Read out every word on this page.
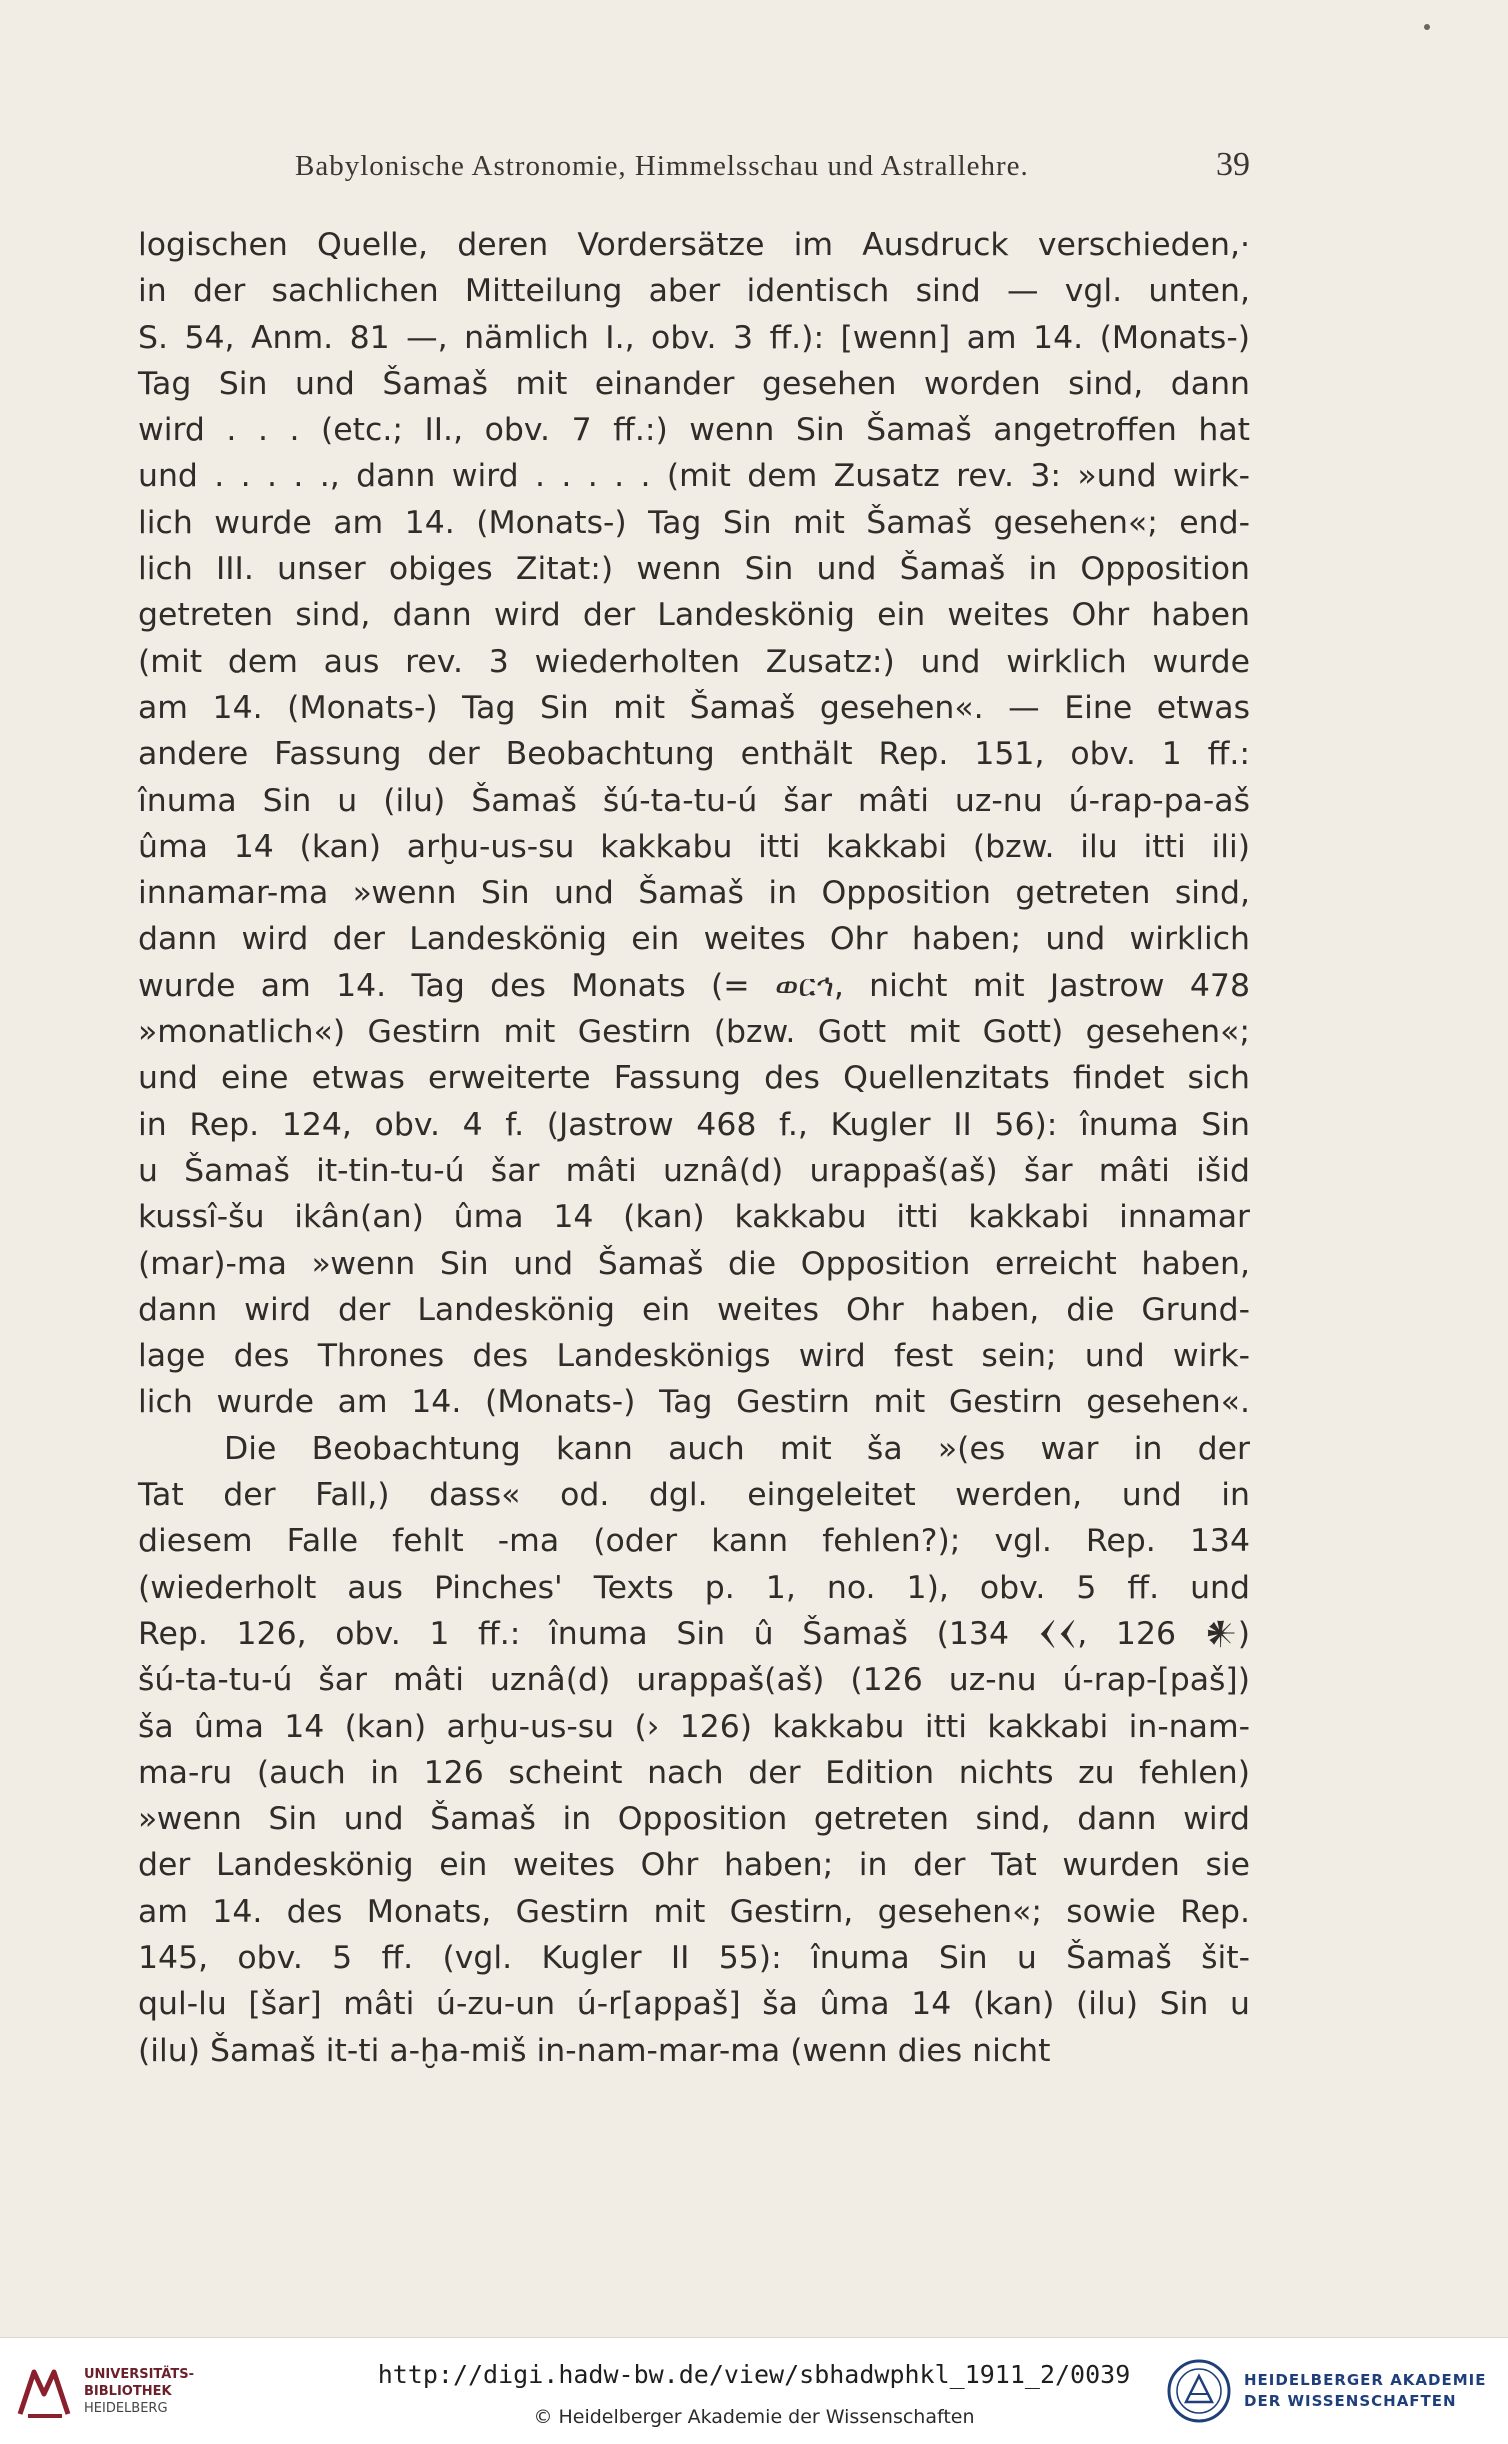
Babylonische Astronomie, Himmelsschau und Astrallehre.	39
logischen Quelle, deren Vordersätze im Ausdruck verschieden,·
in der sachlichen Mitteilung aber identisch sind — vgl. unten,
S. 54, Anm. 81 —, nämlich I., obv. 3 ff.): [wenn] am 14. (Monats-)
Tag Sin und Šamaš mit einander gesehen worden sind, dann
wird . . . (etc.; II., obv. 7 ff.:) wenn Sin Šamaš angetroffen hat
und . . . . ., dann wird . . . . . (mit dem Zusatz rev. 3: »und wirk-
lich wurde am 14. (Monats-) Tag Sin mit Šamaš gesehen«; end-
lich III. unser obiges Zitat:) wenn Sin und Šamaš in Opposition
getreten sind, dann wird der Landeskönig ein weites Ohr haben
(mit dem aus rev. 3 wiederholten Zusatz:) und wirklich wurde
am 14. (Monats-) Tag Sin mit Šamaš gesehen«. — Eine etwas
andere Fassung der Beobachtung enthält Rep. 151, obv. 1 ff.:
înuma Sin u (ilu) Šamaš šú-ta-tu-ú šar mâti uz-nu ú-rap-pa-aš
ûma 14 (kan) arḫu-us-su kakkabu itti kakkabi (bzw. ilu itti ili)
innamar-ma »wenn Sin und Šamaš in Opposition getreten sind,
dann wird der Landeskönig ein weites Ohr haben; und wirklich
wurde am 14. Tag des Monats (= ወርኅ, nicht mit Jastrow 478
»monatlich«) Gestirn mit Gestirn (bzw. Gott mit Gott) gesehen«;
und eine etwas erweiterte Fassung des Quellenzitats findet sich
in Rep. 124, obv. 4 f. (Jastrow 468 f., Kugler II 56): înuma Sin
u Šamaš it-tin-tu-ú šar mâti uznâ(d) urappaš(aš) šar mâti išid
kussî-šu ikân(an) ûma 14 (kan) kakkabu itti kakkabi innamar
(mar)-ma »wenn Sin und Šamaš die Opposition erreicht haben,
dann wird der Landeskönig ein weites Ohr haben, die Grund-
lage des Thrones des Landeskönigs wird fest sein; und wirk-
lich wurde am 14. (Monats-) Tag Gestirn mit Gestirn gesehen«.
Die Beobachtung kann auch mit ša »(es war in der
Tat der Fall,) dass« od. dgl. eingeleitet werden, und in
diesem Falle fehlt -ma (oder kann fehlen?); vgl. Rep. 134
(wiederholt aus Pinches' Texts p. 1, no. 1), obv. 5 ff. und
Rep. 126, obv. 1 ff.: înuma Sin û Šamaš (134 𒌋𒌋, 126 𒀭)
šú-ta-tu-ú šar mâti uznâ(d) urappaš(aš) (126 uz-nu ú-rap-[paš])
ša ûma 14 (kan) arḫu-us-su (› 126) kakkabu itti kakkabi in-nam-
ma-ru (auch in 126 scheint nach der Edition nichts zu fehlen)
»wenn Sin und Šamaš in Opposition getreten sind, dann wird
der Landeskönig ein weites Ohr haben; in der Tat wurden sie
am 14. des Monats, Gestirn mit Gestirn, gesehen«; sowie Rep.
145, obv. 5 ff. (vgl. Kugler II 55): înuma Sin u Šamaš šit-
qul-lu [šar] mâti ú-zu-un ú-r[appaš] ša ûma 14 (kan) (ilu) Sin u
(ilu) Šamaš it-ti a-ḫa-miš in-nam-mar-ma (wenn dies nicht
UNIVERSITÄTS-
BIBLIOTHEK
HEIDELBERG
http://digi.hadw-bw.de/view/sbhadwphkl_1911_2/0039
© Heidelberger Akademie der Wissenschaften
HEIDELBERGER AKADEMIE
DER WISSENSCHAFTEN
